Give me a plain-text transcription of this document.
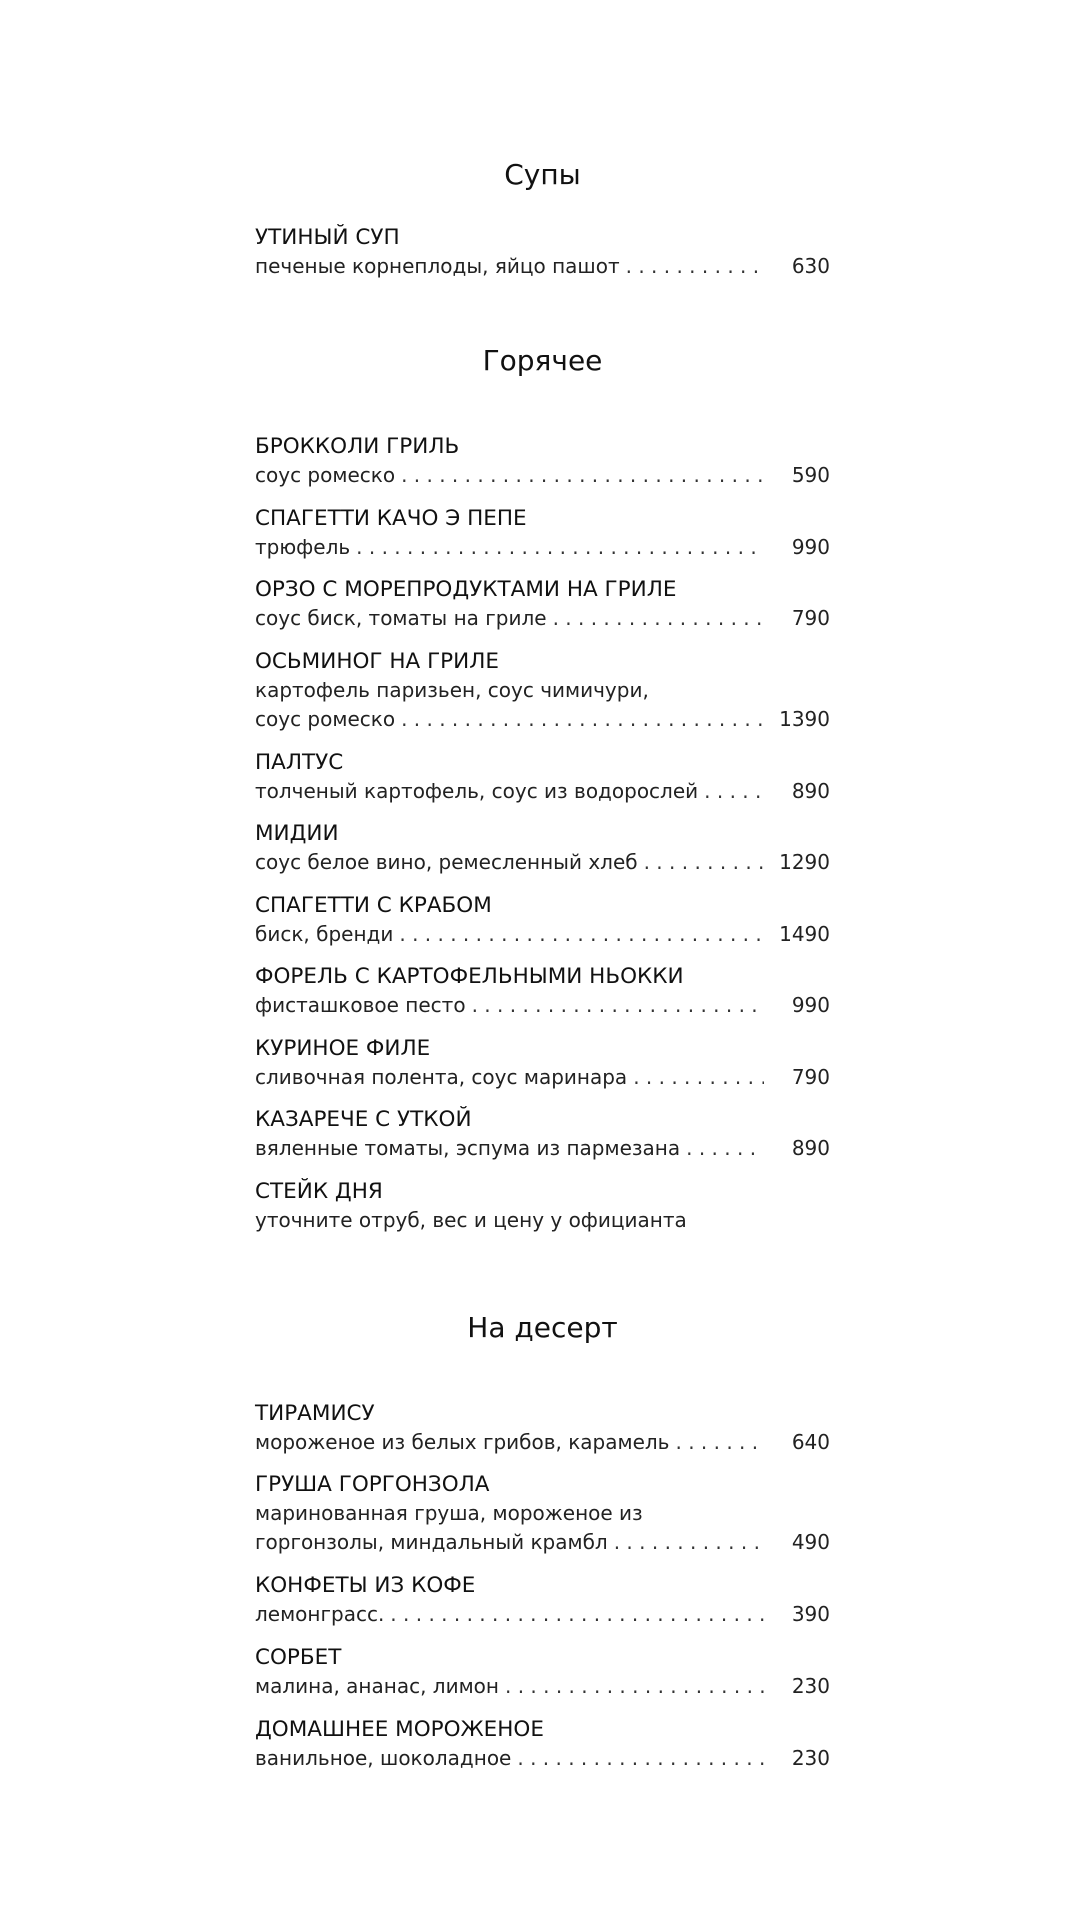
Супы
УТИНЫЙ СУП
печеные корнеплоды, яйцо пашот . . .	630
Горячее
БРОККОЛИ ГРИЛЬ
соус ромеско . . .	590
СПАГЕТТИ КАЧО Э ПЕПЕ
трюфель . . .	990
ОРЗО С МОРЕПРОДУКТАМИ НА ГРИЛЕ
соус биск, томаты на гриле . . .	790
ОСЬМИНОГ НА ГРИЛЕ
картофель паризьен, соус чимичури,
соус ромеско . . .	1390
ПАЛТУС
толченый картофель, соус из водорослей . . .	890
МИДИИ
соус белое вино, ремесленный хлеб . . .	1290
СПАГЕТТИ С КРАБОМ
биск, бренди . . .	1490
ФОРЕЛЬ С КАРТОФЕЛЬНЫМИ НЬОККИ
фисташковое песто . . .	990
КУРИНОЕ ФИЛЕ
сливочная полента, соус маринара . . .	790
КАЗАРЕЧЕ С УТКОЙ
вяленные томаты, эспума из пармезана . . .	890
СТЕЙК ДНЯ
уточните отруб, вес и цену у официанта
На десерт
ТИРАМИСУ
мороженое из белых грибов, карамель . . .	640
ГРУША ГОРГОНЗОЛА
маринованная груша, мороженое из
горгонзолы, миндальный крамбл . . .	490
КОНФЕТЫ ИЗ КОФЕ
лемонграсс. . . .	390
СОРБЕТ
малина, ананас, лимон . . .	230
ДОМАШНЕЕ МОРОЖЕНОЕ
ванильное, шоколадное . . .	230
